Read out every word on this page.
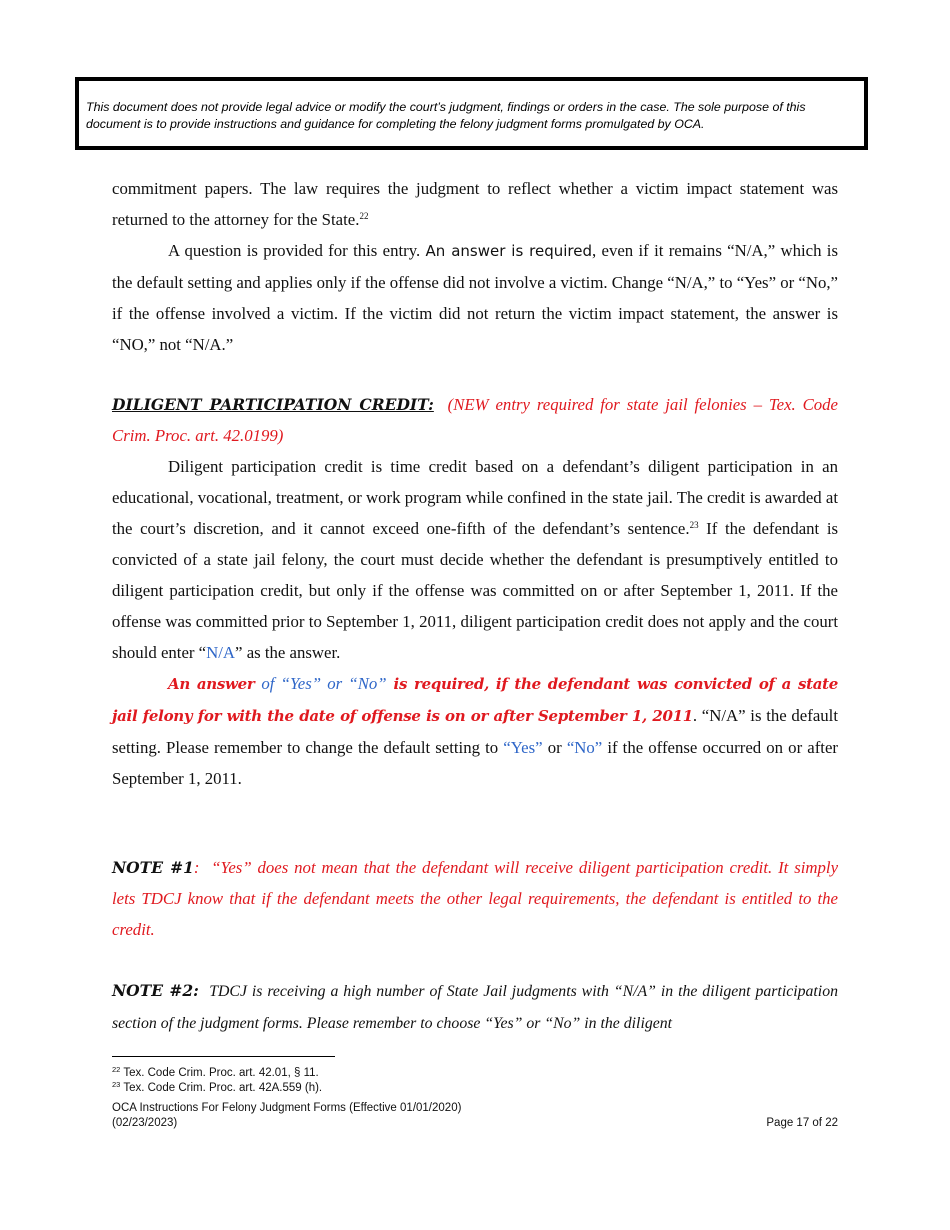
This document does not provide legal advice or modify the court’s judgment, findings or orders in the case. The sole purpose of this document is to provide instructions and guidance for completing the felony judgment forms promulgated by OCA.

commitment papers. The law requires the judgment to reflect whether a victim impact statement was returned to the attorney for the State.$^{22}$

A question is provided for this entry. An answer is required, even if it remains “N/A,” which is the default setting and applies only if the offense did not involve a victim. Change “N/A,” to “Yes” or “No,” if the offense involved a victim. If the victim did not return the victim impact statement, the answer is “NO,” not “N/A.”

DILIGENT PARTICIPATION CREDIT: (NEW entry required for state jail felonies – Tex. Code Crim. Proc. art. 42.0199)

Diligent participation credit is time credit based on a defendant’s diligent participation in an educational, vocational, treatment, or work program while confined in the state jail. The credit is awarded at the court’s discretion, and it cannot exceed one-fifth of the defendant’s sentence.$^{23}$ If the defendant is convicted of a state jail felony, the court must decide whether the defendant is presumptively entitled to diligent participation credit, but only if the offense was committed on or after September 1, 2011. If the offense was committed prior to September 1, 2011, diligent participation credit does not apply and the court should enter “N/A” as the answer.

An answer of “Yes” or “No” is required, if the defendant was convicted of a state jail felony for with the date of offense is on or after September 1, 2011. “N/A” is the default setting. Please remember to change the default setting to “Yes” or “No” if the offense occurred on or after September 1, 2011.

NOTE #1: “Yes” does not mean that the defendant will receive diligent participation credit. It simply lets TDCJ know that if the defendant meets the other legal requirements, the defendant is entitled to the credit.

NOTE #2: TDCJ is receiving a high number of State Jail judgments with “N/A” in the diligent participation section of the judgment forms. Please remember to choose “Yes” or “No” in the diligent

$^{22}$ Tex. Code Crim. Proc. art. 42.01, § 11.
$^{23}$ Tex. Code Crim. Proc. art. 42A.559 (h).
OCA Instructions For Felony Judgment Forms (Effective 01/01/2020)
(02/23/2023)	Page 17 of 22
